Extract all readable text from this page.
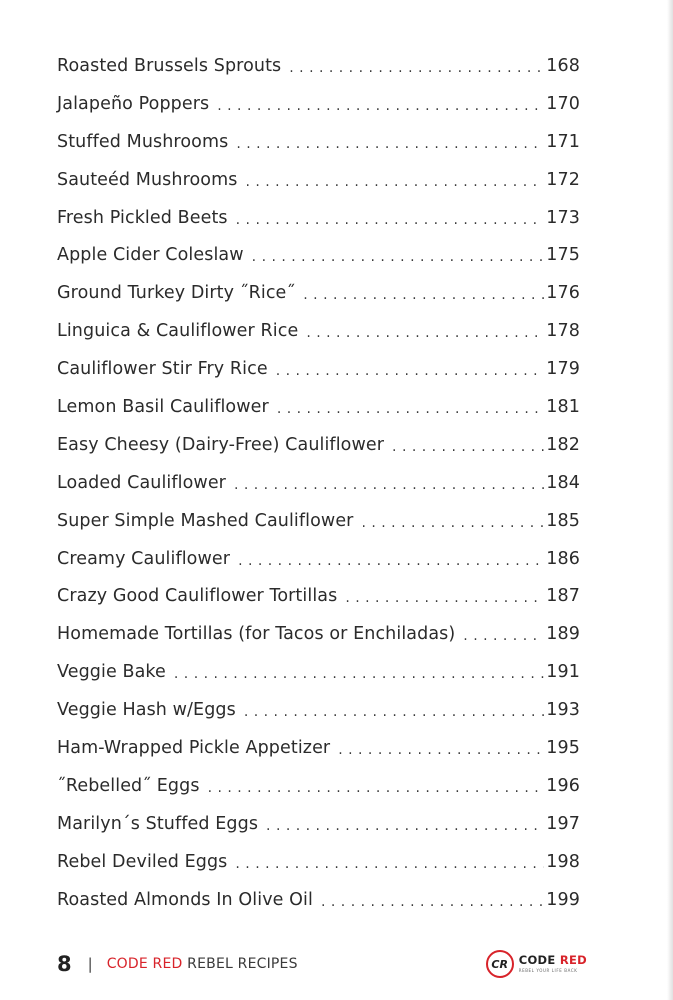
Roasted Brussels Sprouts . . .	168
Jalapeño Poppers . . .	170
Stuffed Mushrooms . . .	171
Sauteéd Mushrooms . . .	172
Fresh Pickled Beets . . .	173
Apple Cider Coleslaw . . .	175
Ground Turkey Dirty ˝Rice˝ . . .	176
Linguica & Cauliflower Rice . . .	178
Cauliflower Stir Fry Rice . . .	179
Lemon Basil Cauliflower . . .	181
Easy Cheesy (Dairy-Free) Cauliflower . . .	182
Loaded Cauliflower . . .	184
Super Simple Mashed Cauliflower . . .	185
Creamy Cauliflower . . .	186
Crazy Good Cauliflower Tortillas . . .	187
Homemade Tortillas (for Tacos or Enchiladas) . . .	189
Veggie Bake . . .	191
Veggie Hash w/Eggs . . .	193
Ham-Wrapped Pickle Appetizer . . .	195
˝Rebelled˝ Eggs . . .	196
Marilyn´s Stuffed Eggs . . .	197
Rebel Deviled Eggs . . .	198
Roasted Almonds In Olive Oil . . .	199
8 | CODE RED REBEL RECIPES	CR CODE RED
REBEL YOUR LIFE BACK
